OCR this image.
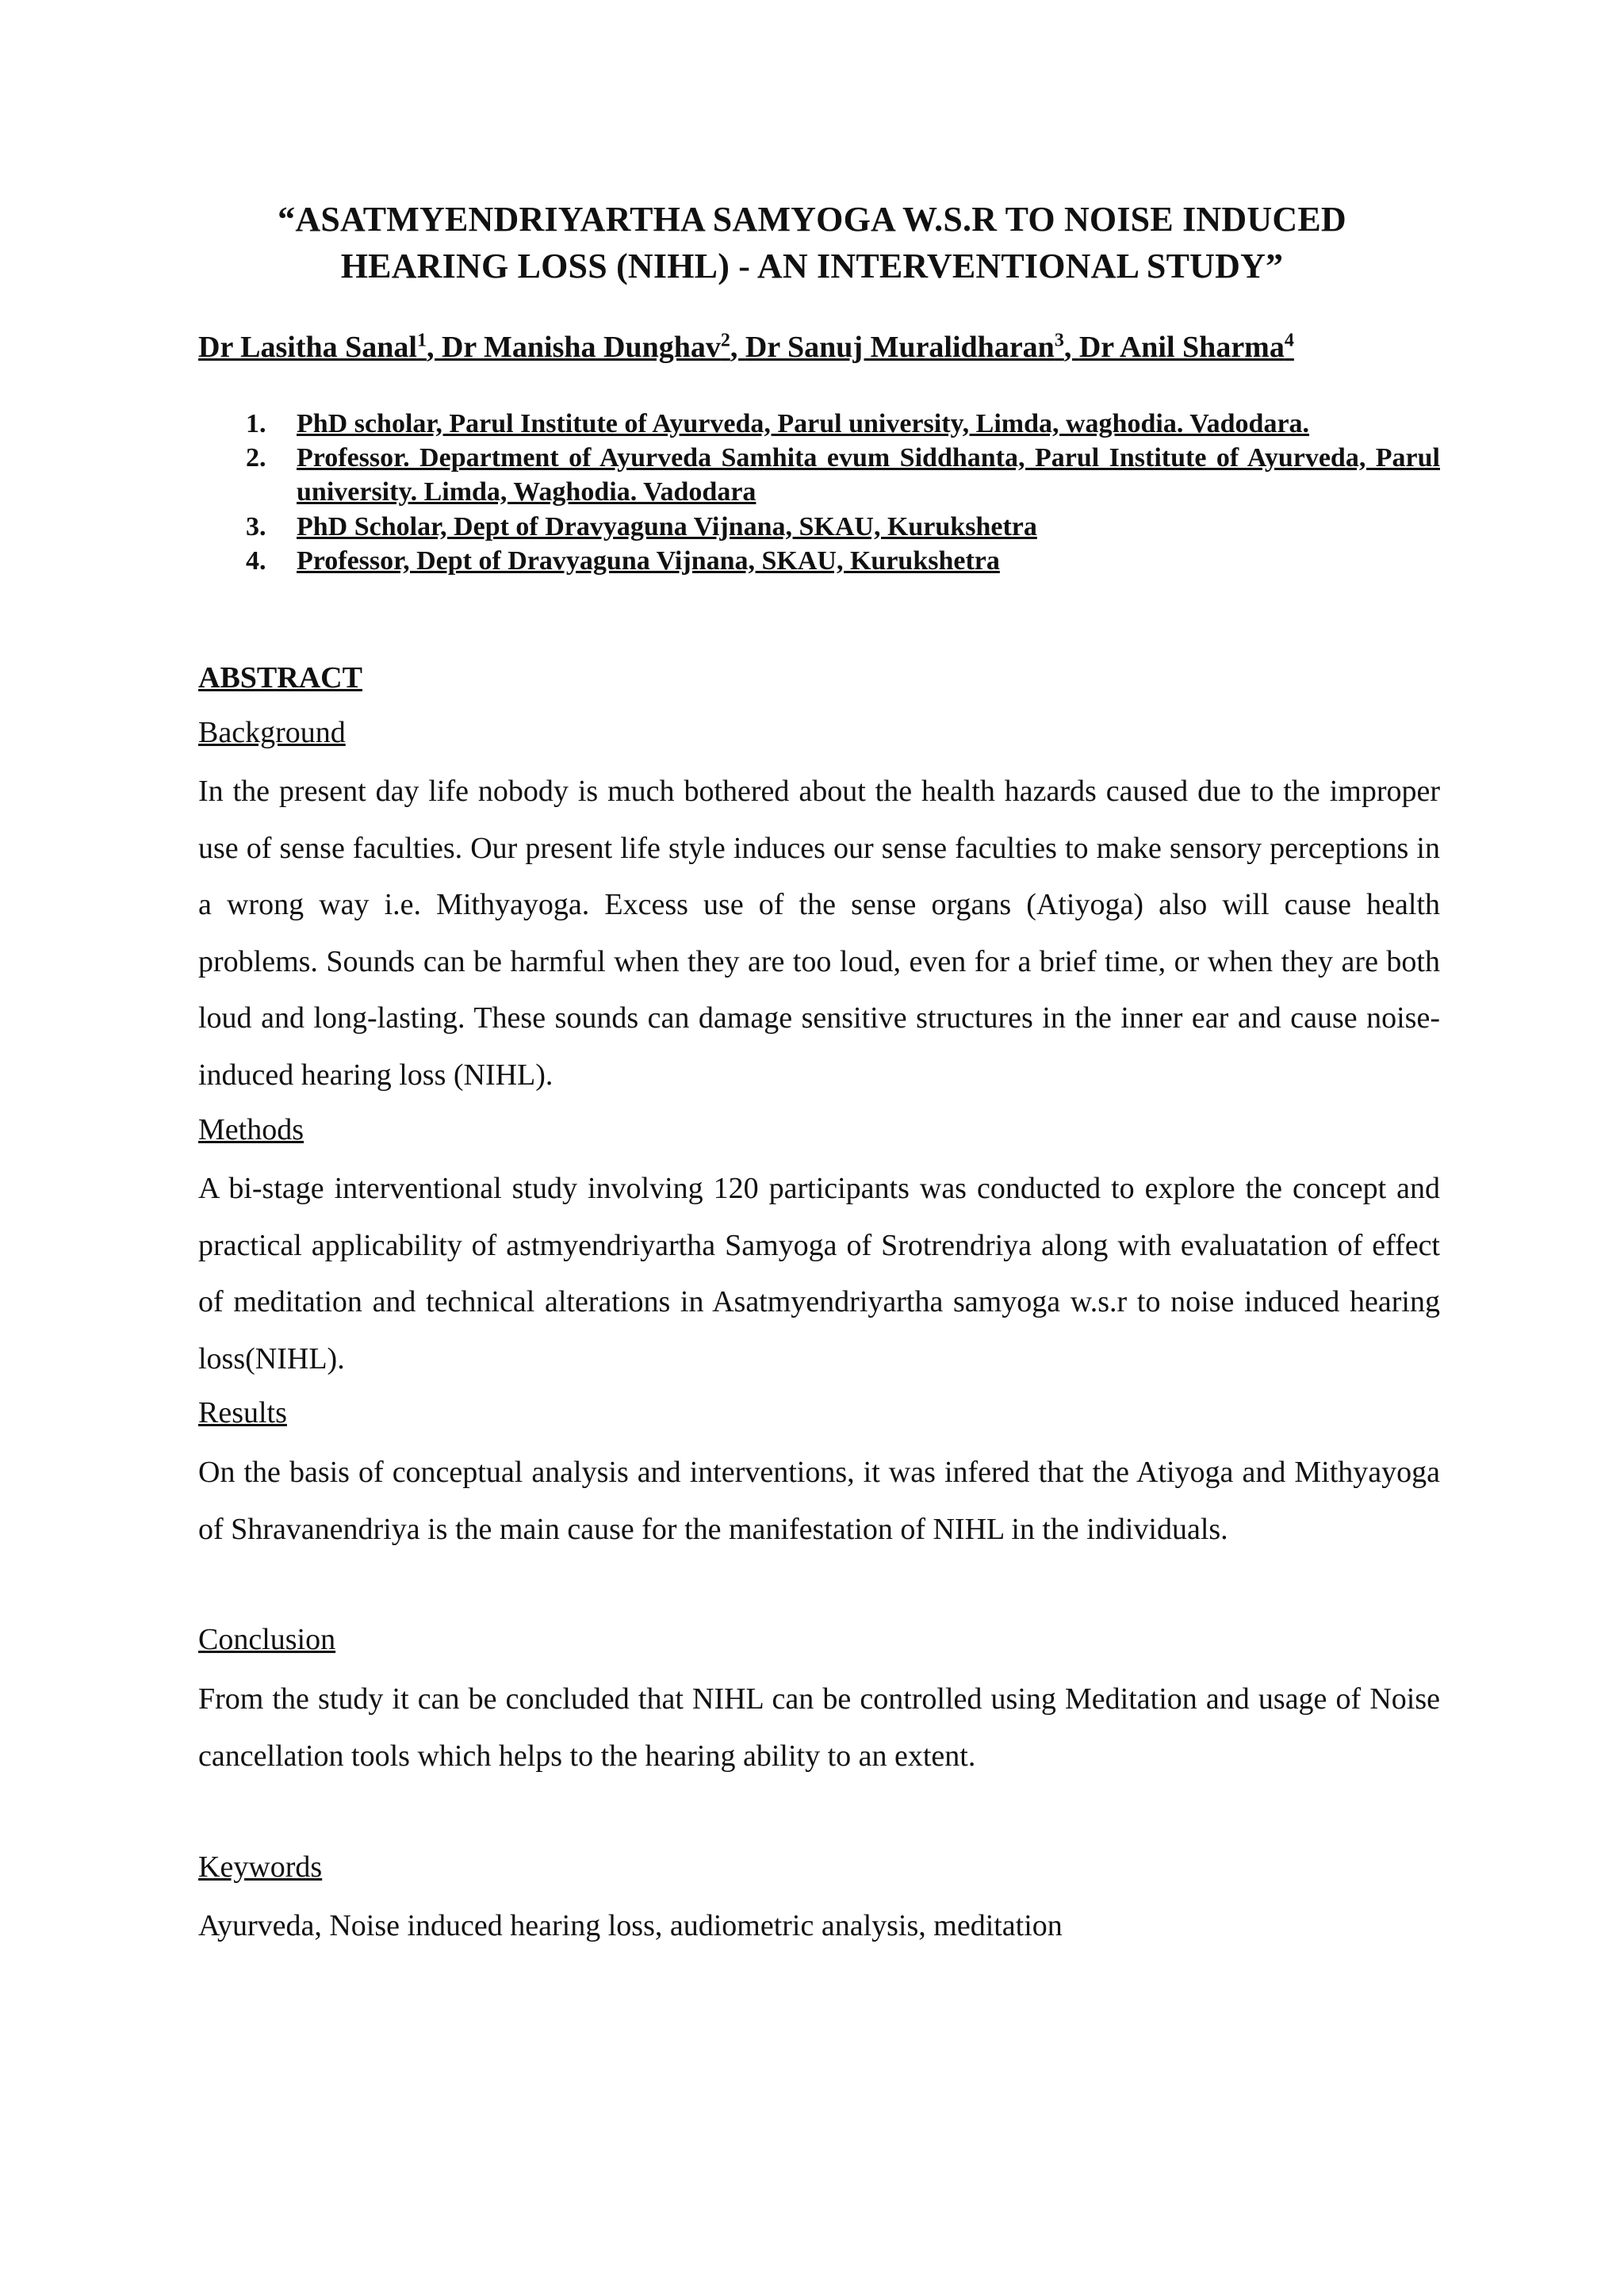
“ASATMYENDRIYARTHA SAMYOGA W.S.R TO NOISE INDUCED
HEARING LOSS (NIHL) - AN INTERVENTIONAL STUDY”
Dr Lasitha Sanal$^1$, Dr Manisha Dunghav$^2$, Dr Sanuj Muralidharan$^3$, Dr Anil Sharma$^4$
1.	PhD scholar, Parul Institute of Ayurveda, Parul university, Limda, waghodia. Vadodara.
2.	Professor. Department of Ayurveda Samhita evum Siddhanta, Parul Institute of Ayurveda, Parul university. Limda, Waghodia. Vadodara
3.	PhD Scholar, Dept of Dravyaguna Vijnana, SKAU, Kurukshetra
4.	Professor, Dept of Dravyaguna Vijnana, SKAU, Kurukshetra
ABSTRACT
Background
In the present day life nobody is much bothered about the health hazards caused due to the improper use of sense faculties. Our present life style induces our sense faculties to make sensory perceptions in a wrong way i.e. Mithyayoga. Excess use of the sense organs (Atiyoga) also will cause health problems. Sounds can be harmful when they are too loud, even for a brief time, or when they are both loud and long-lasting. These sounds can damage sensitive structures in the inner ear and cause noise- induced hearing loss (NIHL).
Methods
A bi-stage interventional study involving 120 participants was conducted to explore the concept and practical applicability of astmyendriyartha Samyoga of Srotrendriya along with evaluatation of effect of meditation and technical alterations in Asatmyendriyartha samyoga w.s.r to noise induced hearing loss(NIHL).
Results
On the basis of conceptual analysis and interventions, it was infered that the Atiyoga and Mithyayoga of Shravanendriya is the main cause for the manifestation of NIHL in the individuals.
Conclusion
From the study it can be concluded that NIHL can be controlled using Meditation and usage of Noise cancellation tools which helps to the hearing ability to an extent.
Keywords
Ayurveda, Noise induced hearing loss, audiometric analysis, meditation
